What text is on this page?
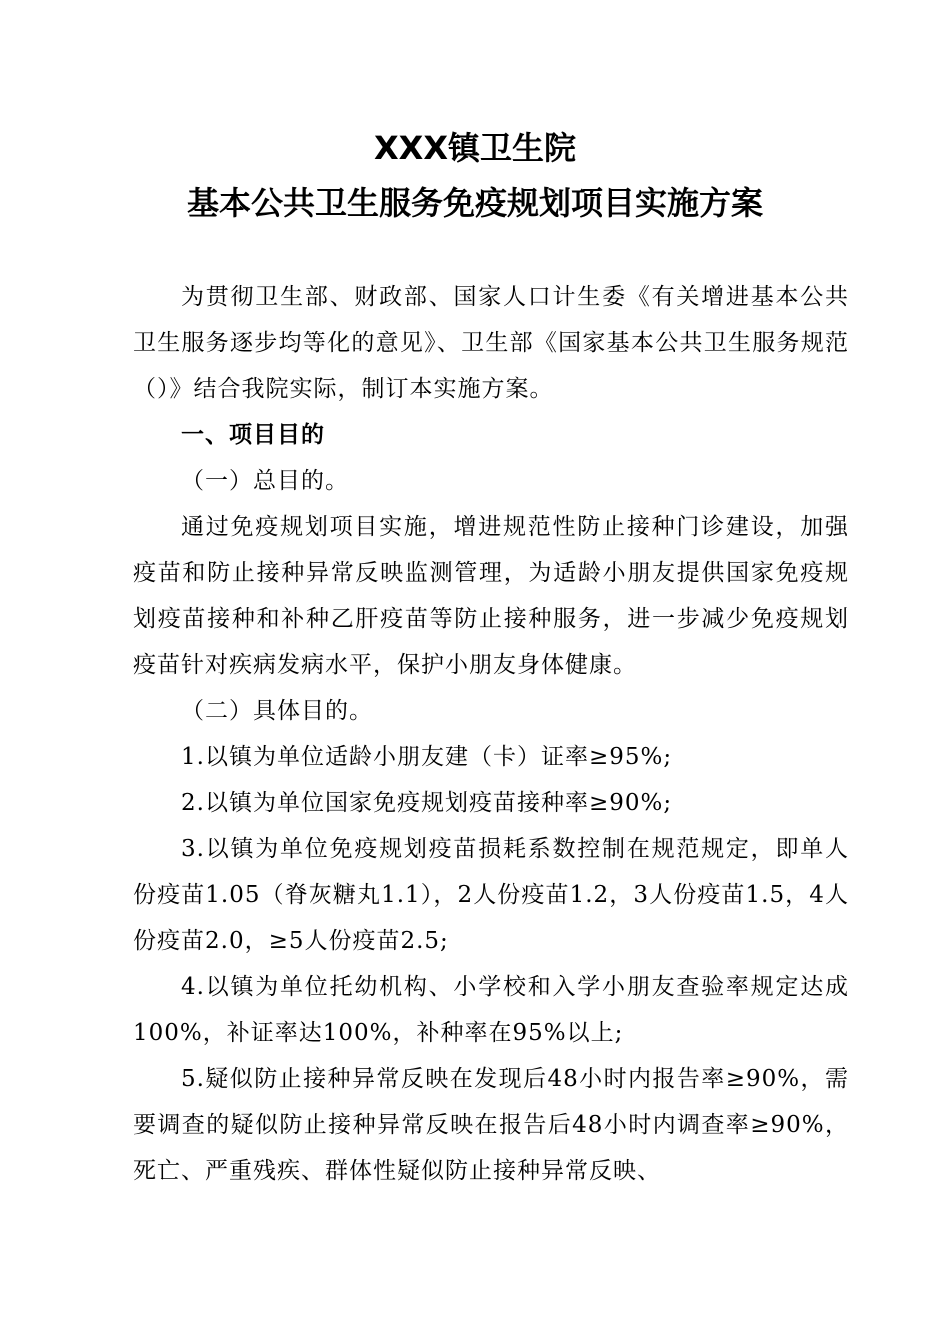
XXX镇卫生院
基本公共卫生服务免疫规划项目实施方案

为贯彻卫生部、财政部、国家人口计生委《有关增进基本公共卫生服务逐步均等化的意见》、卫生部《国家基本公共卫生服务规范（）》结合我院实际，制订本实施方案。

一、项目目的

（一）总目的。

通过免疫规划项目实施，增进规范性防止接种门诊建设，加强疫苗和防止接种异常反映监测管理，为适龄小朋友提供国家免疫规划疫苗接种和补种乙肝疫苗等防止接种服务，进一步减少免疫规划疫苗针对疾病发病水平，保护小朋友身体健康。

（二）具体目的。

1.以镇为单位适龄小朋友建（卡）证率≥95%;

2.以镇为单位国家免疫规划疫苗接种率≥90%;

3.以镇为单位免疫规划疫苗损耗系数控制在规范规定，即单人份疫苗1.05（脊灰糖丸1.1），2人份疫苗1.2，3人份疫苗1.5，4人份疫苗2.0，≥5人份疫苗2.5;

4.以镇为单位托幼机构、小学校和入学小朋友查验率规定达成100%，补证率达100%，补种率在95%以上;

5.疑似防止接种异常反映在发现后48小时内报告率≥90%，需要调查的疑似防止接种异常反映在报告后48小时内调查率≥90%，死亡、严重残疾、群体性疑似防止接种异常反映、
